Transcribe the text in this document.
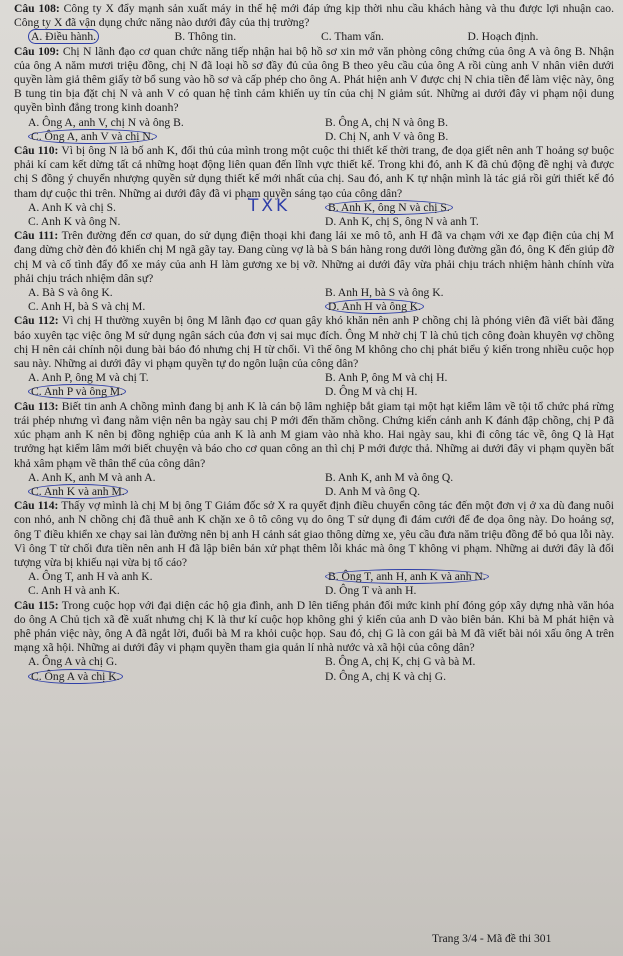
Câu 108: Công ty X đẩy mạnh sản xuất máy in thế hệ mới đáp ứng kịp thời nhu cầu khách hàng và thu được lợi nhuận cao. Công ty X đã vận dụng chức năng nào dưới đây của thị trường?

A. Điều hành.	B. Thông tin.	C. Tham vấn.	D. Hoạch định.

Câu 109: Chị N lãnh đạo cơ quan chức năng tiếp nhận hai bộ hồ sơ xin mở văn phòng công chứng của ông A và ông B. Nhận của ông A năm mươi triệu đồng, chị N đã loại hồ sơ đầy đủ của ông B theo yêu cầu của ông A rồi cùng anh V nhân viên dưới quyền làm giả thêm giấy tờ bổ sung vào hồ sơ và cấp phép cho ông A. Phát hiện anh V được chị N chia tiền để làm việc này, ông B tung tin bịa đặt chị N và anh V có quan hệ tình cảm khiến uy tín của chị N giảm sút. Những ai dưới đây vi phạm nội dung quyền bình đẳng trong kinh doanh?

A. Ông A, anh V, chị N và ông B.	B. Ông A, chị N và ông B.
C. Ông A, anh V và chị N.	D. Chị N, anh V và ông B.

Câu 110: Vì bị ông N là bố anh K, đối thủ của mình trong một cuộc thi thiết kế thời trang, đe dọa giết nên anh T hoảng sợ buộc phải kí cam kết dừng tất cả những hoạt động liên quan đến lĩnh vực thiết kế. Trong khi đó, anh K đã chủ động đề nghị và được chị S đồng ý chuyển nhượng quyền sử dụng thiết kế mới nhất của chị. Sau đó, anh K tự nhận mình là tác giả rồi gửi thiết kế đó tham dự cuộc thi trên. Những ai dưới đây đã vi phạm quyền sáng tạo của công dân?

A. Anh K và chị S.	B. Anh K, ông N và chị S.
C. Anh K và ông N.	D. Anh K, chị S, ông N và anh T.

Câu 111: Trên đường đến cơ quan, do sử dụng điện thoại khi đang lái xe mô tô, anh H đã va chạm với xe đạp điện của chị M đang dừng chờ đèn đỏ khiến chị M ngã gãy tay. Đang cùng vợ là bà S bán hàng rong dưới lòng đường gần đó, ông K đến giúp đỡ chị M và cố tình đẩy đổ xe máy của anh H làm gương xe bị vỡ. Những ai dưới đây vừa phải chịu trách nhiệm hành chính vừa phải chịu trách nhiệm dân sự?

A. Bà S và ông K.	B. Anh H, bà S và ông K.
C. Anh H, bà S và chị M.	D. Anh H và ông K.

Câu 112: Vì chị H thường xuyên bị ông M lãnh đạo cơ quan gây khó khăn nên anh P chồng chị là phóng viên đã viết bài đăng báo xuyên tạc việc ông M sử dụng ngân sách của đơn vị sai mục đích. Ông M nhờ chị T là chủ tịch công đoàn khuyên vợ chồng chị H nên cải chính nội dung bài báo đó nhưng chị H từ chối. Vì thế ông M không cho chị phát biểu ý kiến trong nhiều cuộc họp sau này. Những ai dưới đây vi phạm quyền tự do ngôn luận của công dân?

A. Anh P, ông M và chị T.	B. Anh P, ông M và chị H.
C. Anh P và ông M.	D. Ông M và chị H.

Câu 113: Biết tin anh A chồng mình đang bị anh K là cán bộ lâm nghiệp bắt giam tại một hạt kiểm lâm về tội tổ chức phá rừng trái phép nhưng vì đang nằm viện nên ba ngày sau chị P mới đến thăm chồng. Chứng kiến cảnh anh K đánh đập chồng, chị P đã xúc phạm anh K nên bị đồng nghiệp của anh K là anh M giam vào nhà kho. Hai ngày sau, khi đi công tác về, ông Q là Hạt trưởng hạt kiểm lâm mới biết chuyện và báo cho cơ quan công an thì chị P mới được thả. Những ai dưới đây vi phạm quyền bất khả xâm phạm về thân thể của công dân?

A. Anh K, anh M và anh A.	B. Anh K, anh M và ông Q.
C. Anh K và anh M.	D. Anh M và ông Q.

Câu 114: Thấy vợ mình là chị M bị ông T Giám đốc sở X ra quyết định điều chuyển công tác đến một đơn vị ở xa dù đang nuôi con nhỏ, anh N chồng chị đã thuê anh K chặn xe ô tô công vụ do ông T sử dụng đi đám cưới để đe dọa ông này. Do hoảng sợ, ông T điều khiển xe chạy sai làn đường nên bị anh H cảnh sát giao thông dừng xe, yêu cầu đưa năm triệu đồng để bỏ qua lỗi này. Vì ông T từ chối đưa tiền nên anh H đã lập biên bản xử phạt thêm lỗi khác mà ông T không vi phạm. Những ai dưới đây là đối tượng vừa bị khiếu nại vừa bị tố cáo?

A. Ông T, anh H và anh K.	B. Ông T, anh H, anh K và anh N.
C. Anh H và anh K.	D. Ông T và anh H.

Câu 115: Trong cuộc họp với đại diện các hộ gia đình, anh D lên tiếng phản đối mức kinh phí đóng góp xây dựng nhà văn hóa do ông A Chủ tịch xã đề xuất nhưng chị K là thư kí cuộc họp không ghi ý kiến của anh D vào biên bản. Khi bà M phát hiện và phê phán việc này, ông A đã ngắt lời, đuổi bà M ra khỏi cuộc họp. Sau đó, chị G là con gái bà M đã viết bài nói xấu ông A trên mạng xã hội. Những ai dưới đây vi phạm quyền tham gia quản lí nhà nước và xã hội của công dân?

A. Ông A và chị G.	B. Ông A, chị K, chị G và bà M.
C. Ông A và chị K.	D. Ông A, chị K và chị G.
TXK
Trang 3/4 - Mã đề thi 301
